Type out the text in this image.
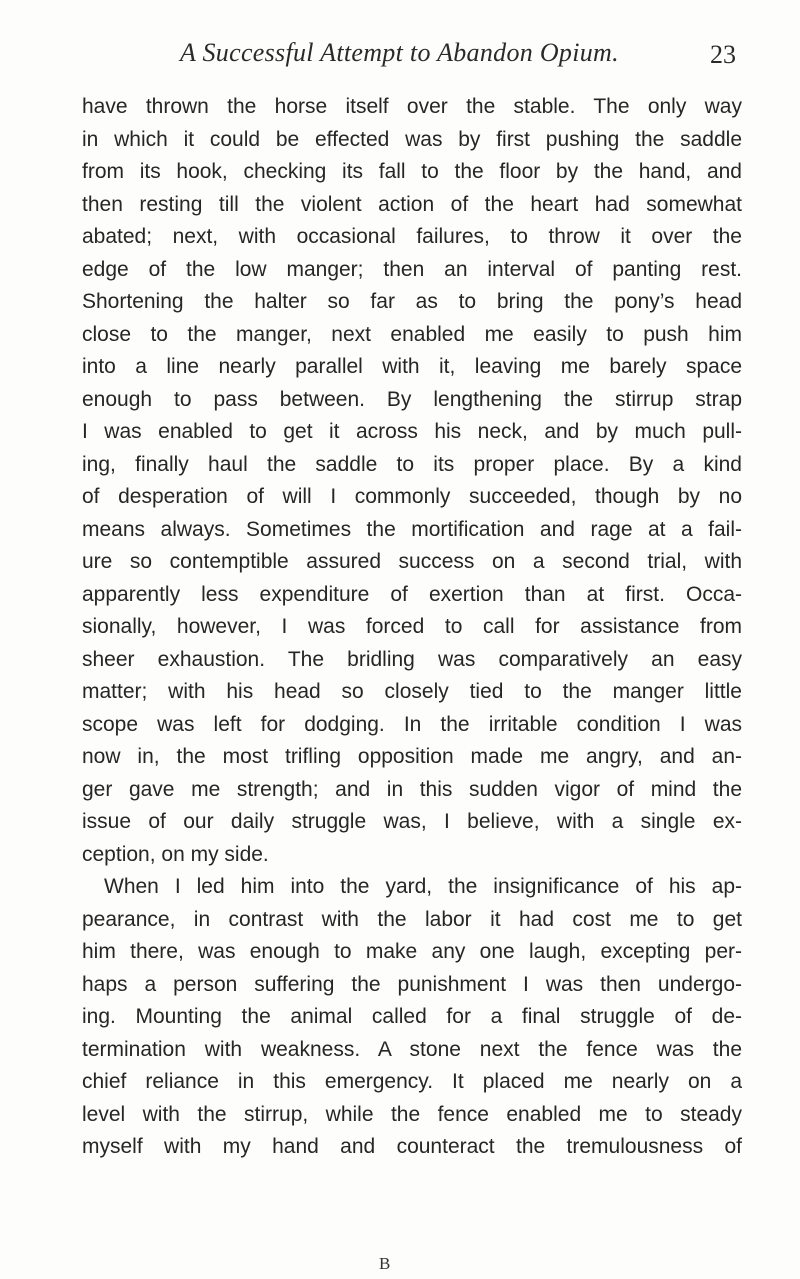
A Successful Attempt to Abandon Opium.	23
have thrown the horse itself over the stable. The only way
in which it could be effected was by first pushing the saddle
from its hook, checking its fall to the floor by the hand, and
then resting till the violent action of the heart had somewhat
abated; next, with occasional failures, to throw it over the
edge of the low manger; then an interval of panting rest.
Shortening the halter so far as to bring the pony’s head
close to the manger, next enabled me easily to push him
into a line nearly parallel with it, leaving me barely space
enough to pass between. By lengthening the stirrup strap
I was enabled to get it across his neck, and by much pull-
ing, finally haul the saddle to its proper place. By a kind
of desperation of will I commonly succeeded, though by no
means always. Sometimes the mortification and rage at a fail-
ure so contemptible assured success on a second trial, with
apparently less expenditure of exertion than at first. Occa-
sionally, however, I was forced to call for assistance from
sheer exhaustion. The bridling was comparatively an easy
matter; with his head so closely tied to the manger little
scope was left for dodging. In the irritable condition I was
now in, the most trifling opposition made me angry, and an-
ger gave me strength; and in this sudden vigor of mind the
issue of our daily struggle was, I believe, with a single ex-
ception, on my side.
When I led him into the yard, the insignificance of his ap-
pearance, in contrast with the labor it had cost me to get
him there, was enough to make any one laugh, excepting per-
haps a person suffering the punishment I was then undergo-
ing. Mounting the animal called for a final struggle of de-
termination with weakness. A stone next the fence was the
chief reliance in this emergency. It placed me nearly on a
level with the stirrup, while the fence enabled me to steady
myself with my hand and counteract the tremulousness of
B
